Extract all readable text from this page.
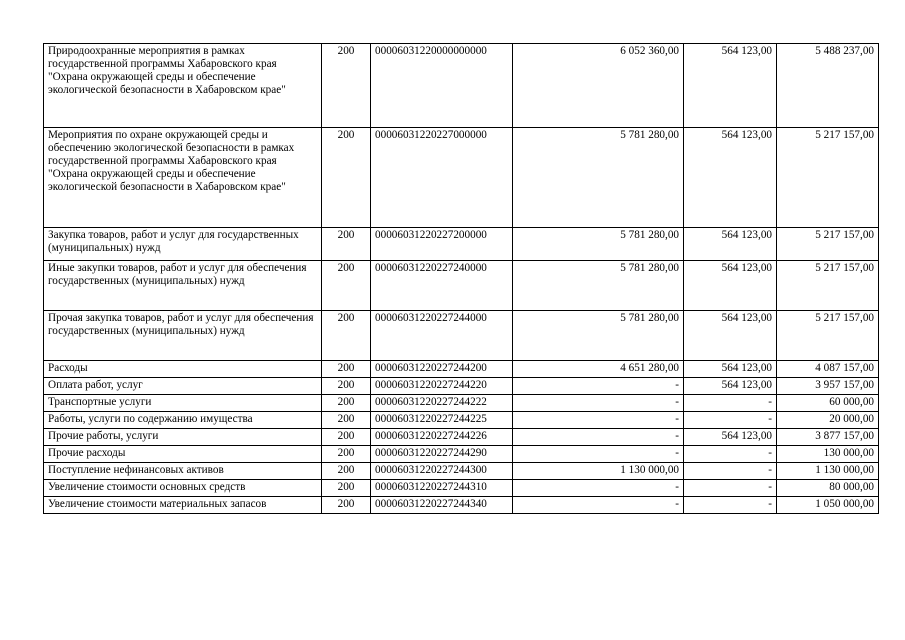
Природоохранные мероприятия в рамках государственной программы Хабаровского края "Охрана окружающей среды и обеспечение экологической безопасности в Хабаровском крае"	200	00006031220000000000	6 052 360,00	564 123,00	5 488 237,00
Мероприятия по охране окружающей среды и обеспечению экологической безопасности в рамках государственной программы Хабаровского края "Охрана окружающей среды и обеспечение экологической безопасности в Хабаровском крае"	200	00006031220227000000	5 781 280,00	564 123,00	5 217 157,00
Закупка товаров, работ и услуг для государственных (муниципальных) нужд	200	00006031220227200000	5 781 280,00	564 123,00	5 217 157,00
Иные закупки товаров, работ и услуг для обеспечения государственных (муниципальных) нужд	200	00006031220227240000	5 781 280,00	564 123,00	5 217 157,00
Прочая закупка товаров, работ и услуг для обеспечения государственных (муниципальных) нужд	200	00006031220227244000	5 781 280,00	564 123,00	5 217 157,00
Расходы	200	00006031220227244200	4 651 280,00	564 123,00	4 087 157,00
Оплата работ, услуг	200	00006031220227244220	-	564 123,00	3 957 157,00
Транспортные услуги	200	00006031220227244222	-	-	60 000,00
Работы, услуги по содержанию имущества	200	00006031220227244225	-	-	20 000,00
Прочие работы, услуги	200	00006031220227244226	-	564 123,00	3 877 157,00
Прочие расходы	200	00006031220227244290	-	-	130 000,00
Поступление нефинансовых активов	200	00006031220227244300	1 130 000,00	-	1 130 000,00
Увеличение стоимости основных средств	200	00006031220227244310	-	-	80 000,00
Увеличение стоимости материальных запасов	200	00006031220227244340	-	-	1 050 000,00
